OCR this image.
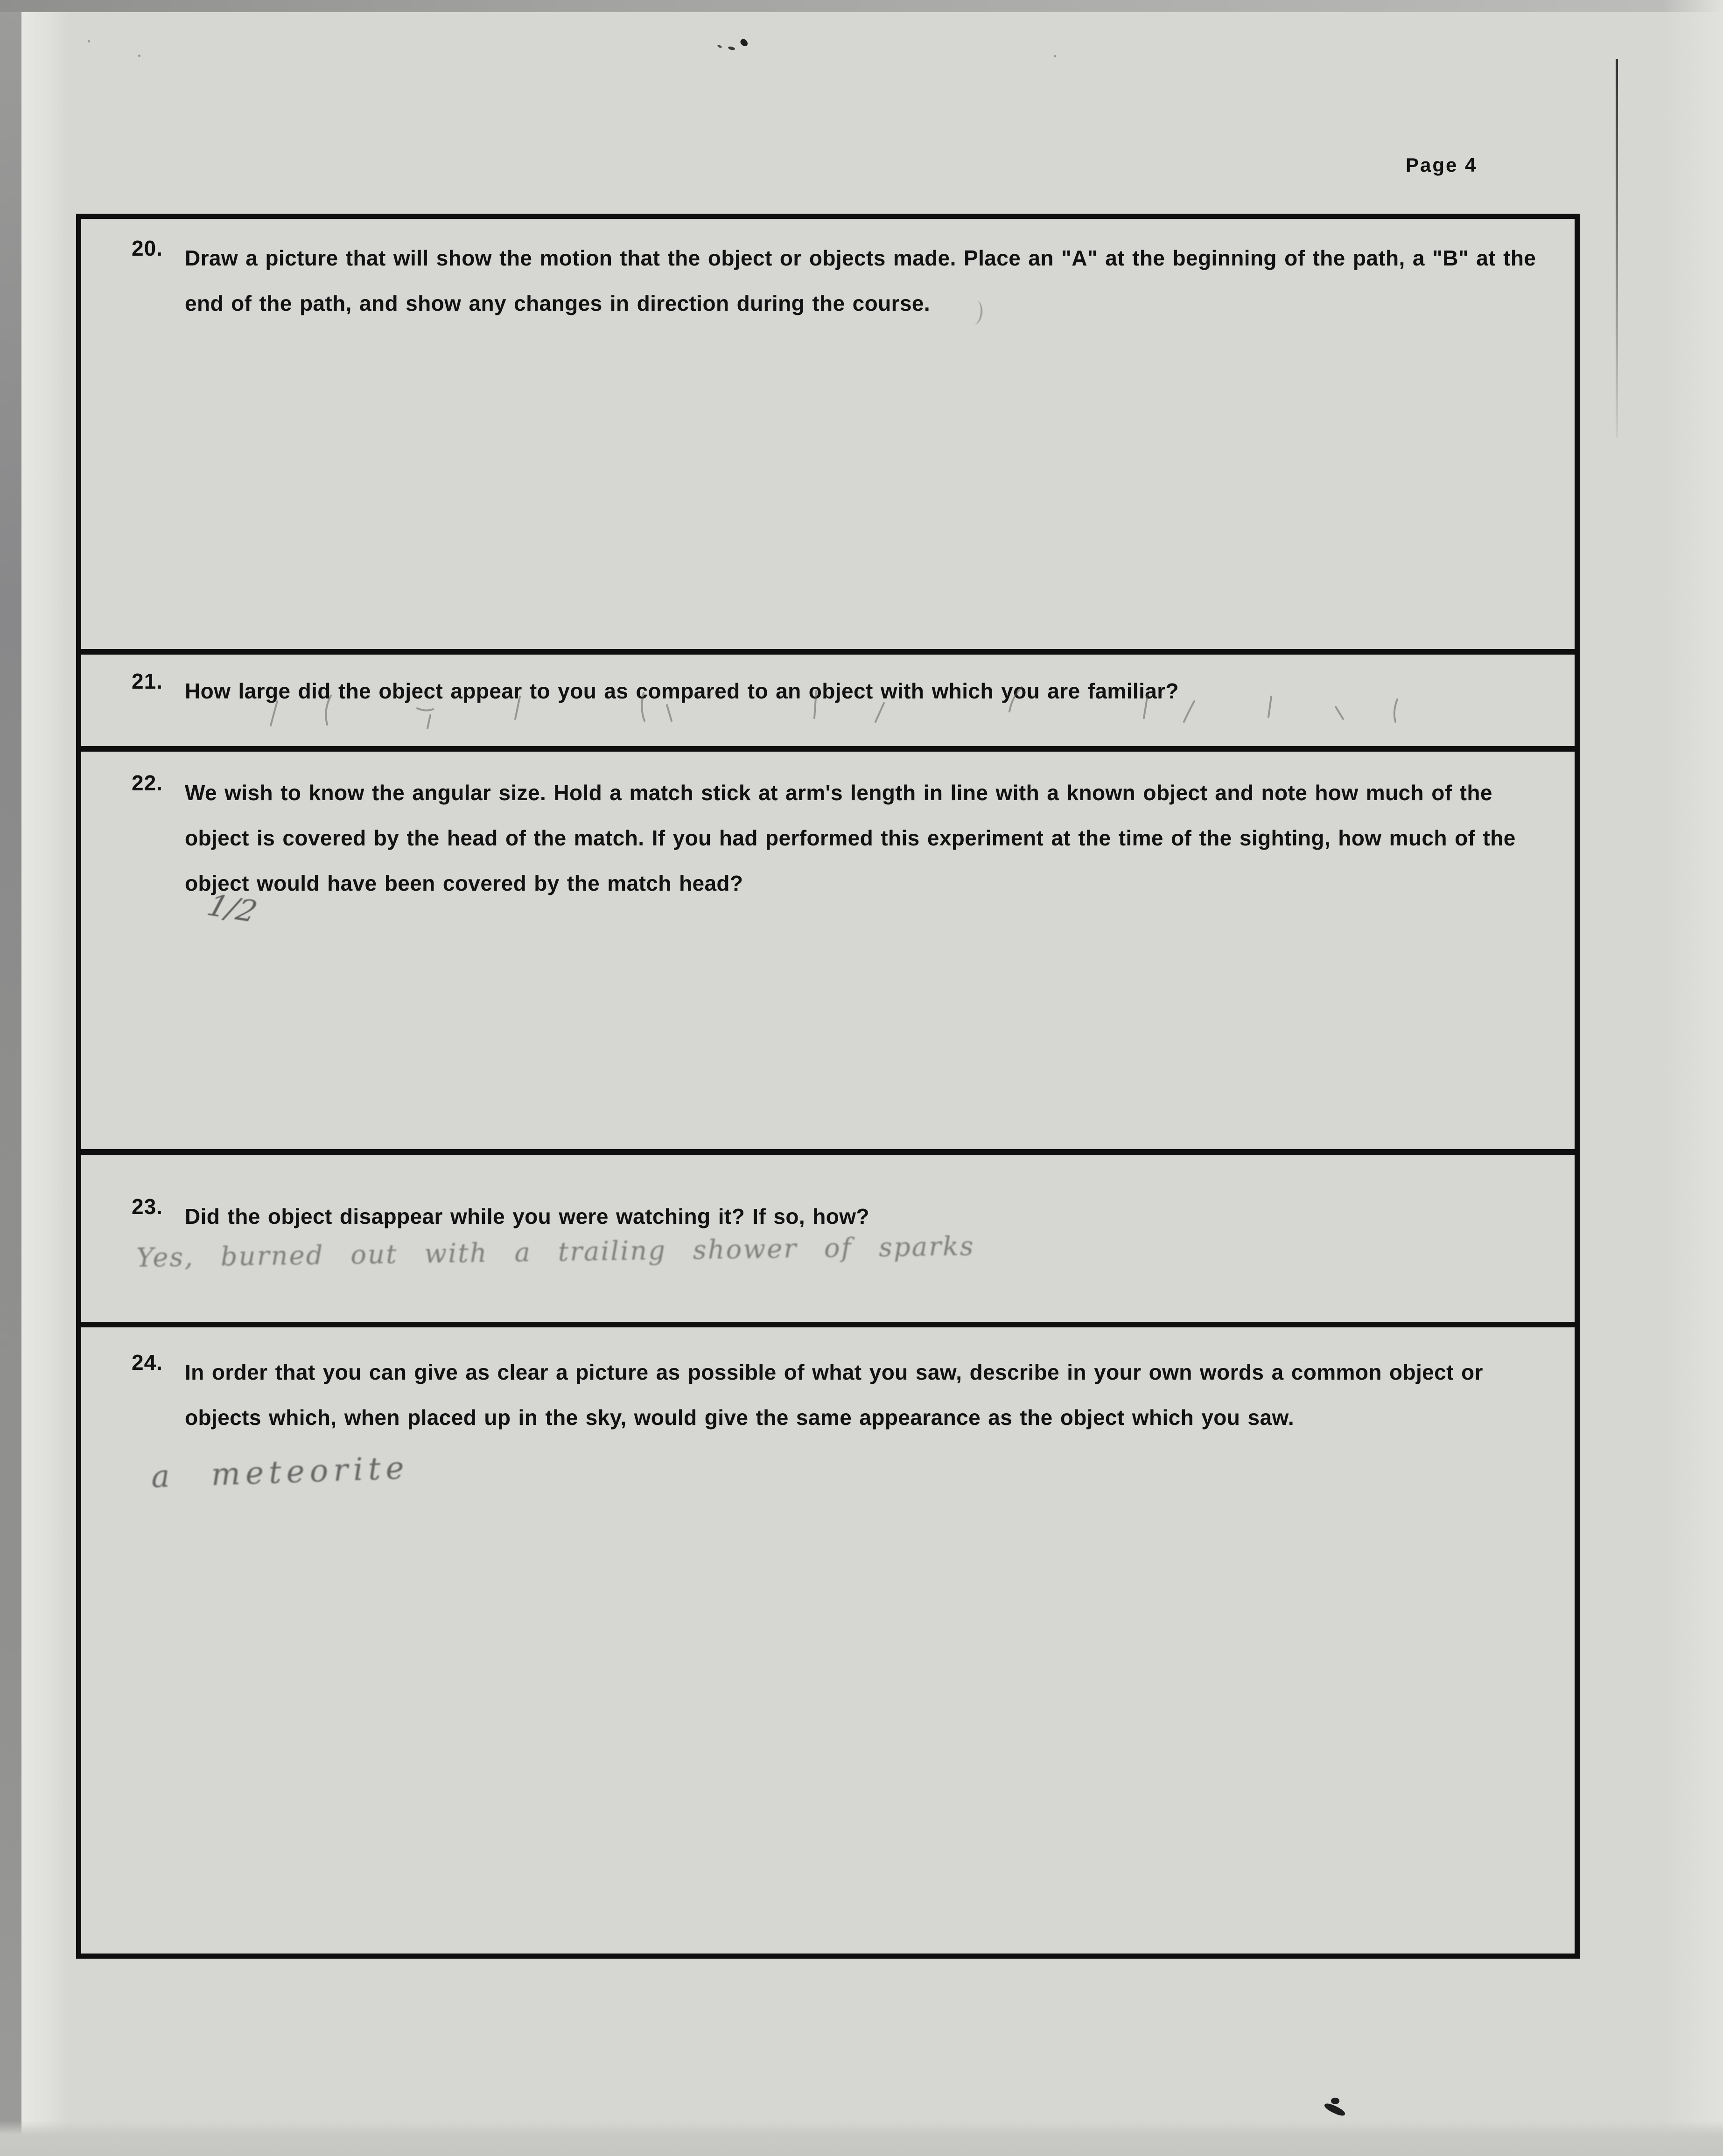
Page 4
20. Draw a picture that will show the motion that the object or objects made. Place an "A" at the beginning of the path, a "B" at the end of the path, and show any changes in direction during the course.

21. How large did the object appear to you as compared to an object with which you are familiar?

22. We wish to know the angular size. Hold a match stick at arm's length in line with a known object and note how much of the object is covered by the head of the match. If you had performed this experiment at the time of the sighting, how much of the object would have been covered by the match head?

1/2
23. Did the object disappear while you were watching it? If so, how?

Yes, burned out with a trailing shower of sparks
24. In order that you can give as clear a picture as possible of what you saw, describe in your own words a common object or objects which, when placed up in the sky, would give the same appearance as the object which you saw.

a meteorite
